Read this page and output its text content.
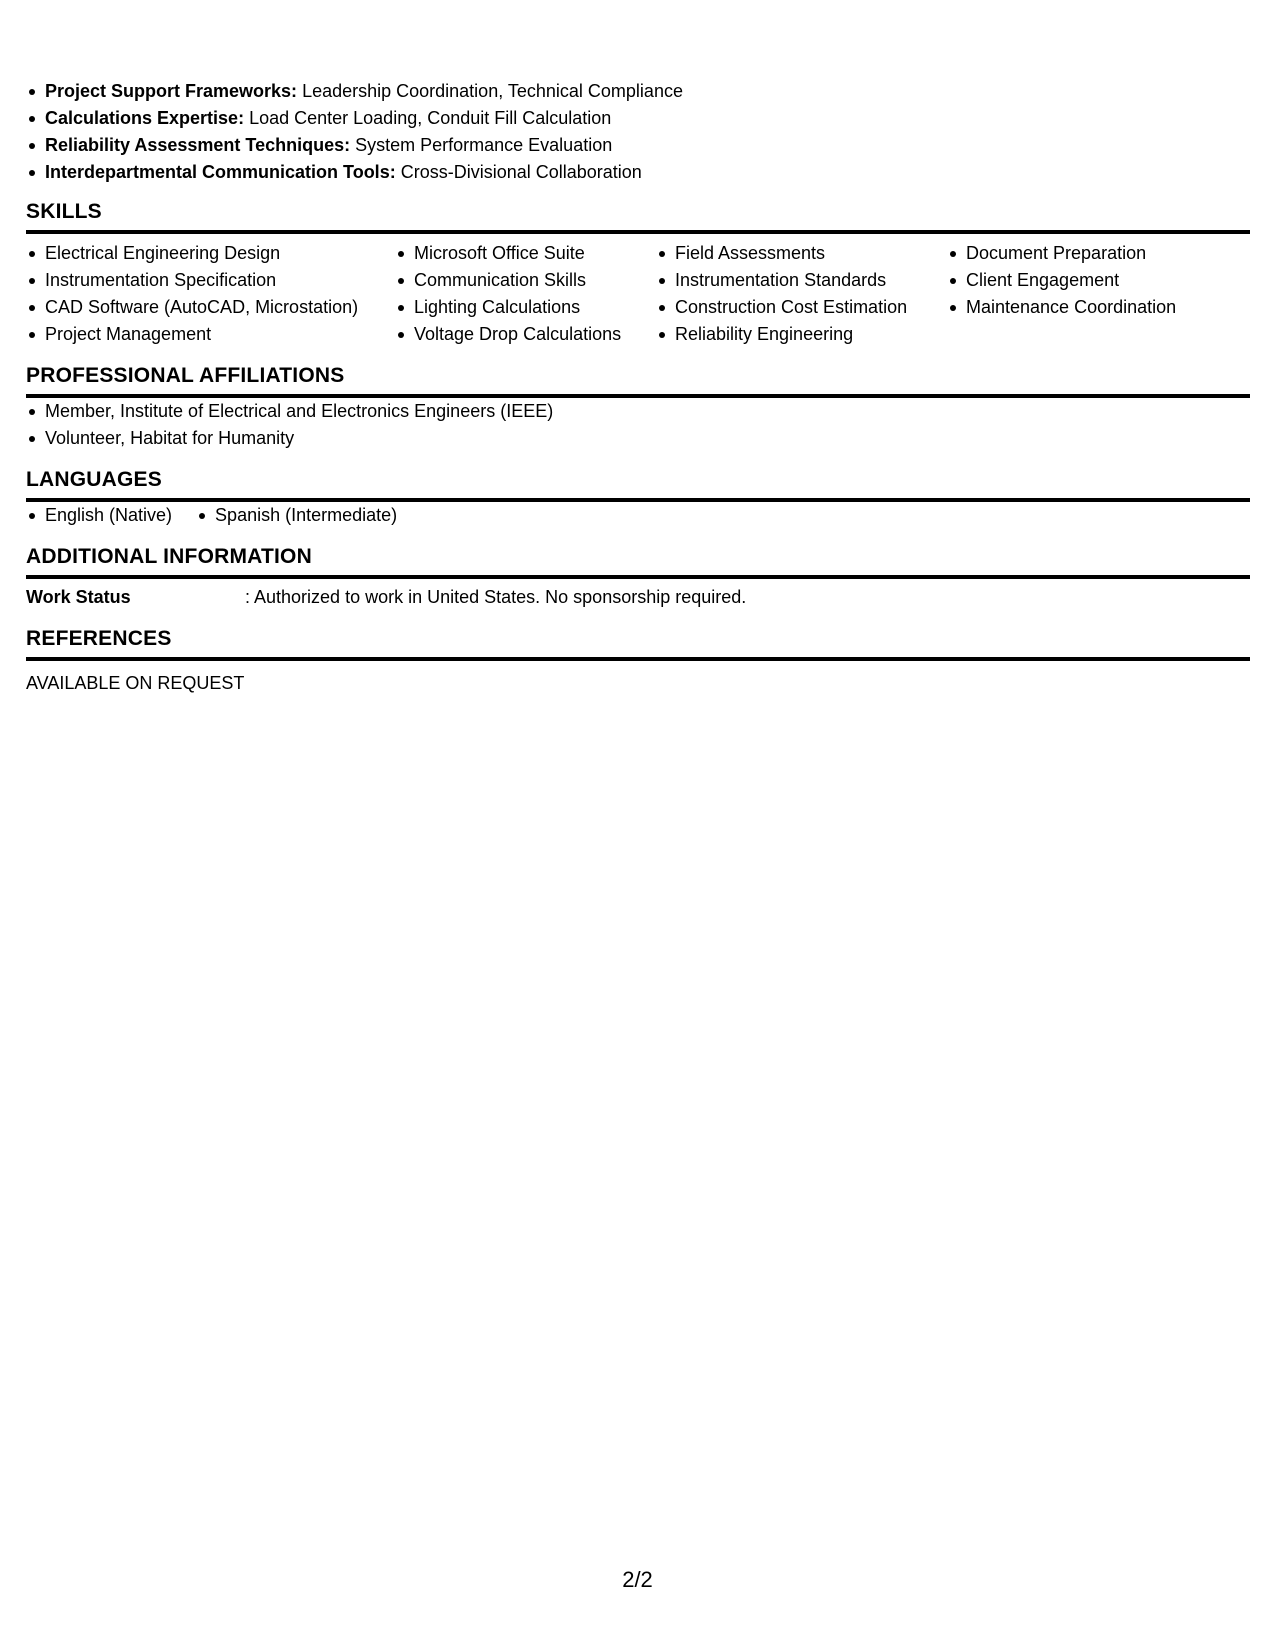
Project Support Frameworks: Leadership Coordination, Technical Compliance
Calculations Expertise: Load Center Loading, Conduit Fill Calculation
Reliability Assessment Techniques: System Performance Evaluation
Interdepartmental Communication Tools: Cross-Divisional Collaboration
SKILLS
Electrical Engineering Design
Instrumentation Specification
CAD Software (AutoCAD, Microstation)
Project Management
Microsoft Office Suite
Communication Skills
Lighting Calculations
Voltage Drop Calculations
Field Assessments
Instrumentation Standards
Construction Cost Estimation
Reliability Engineering
Document Preparation
Client Engagement
Maintenance Coordination
PROFESSIONAL AFFILIATIONS
Member, Institute of Electrical and Electronics Engineers (IEEE)
Volunteer, Habitat for Humanity
LANGUAGES
English (Native)	Spanish (Intermediate)
ADDITIONAL INFORMATION
Work Status	: Authorized to work in United States. No sponsorship required.
REFERENCES
AVAILABLE ON REQUEST
2/2
